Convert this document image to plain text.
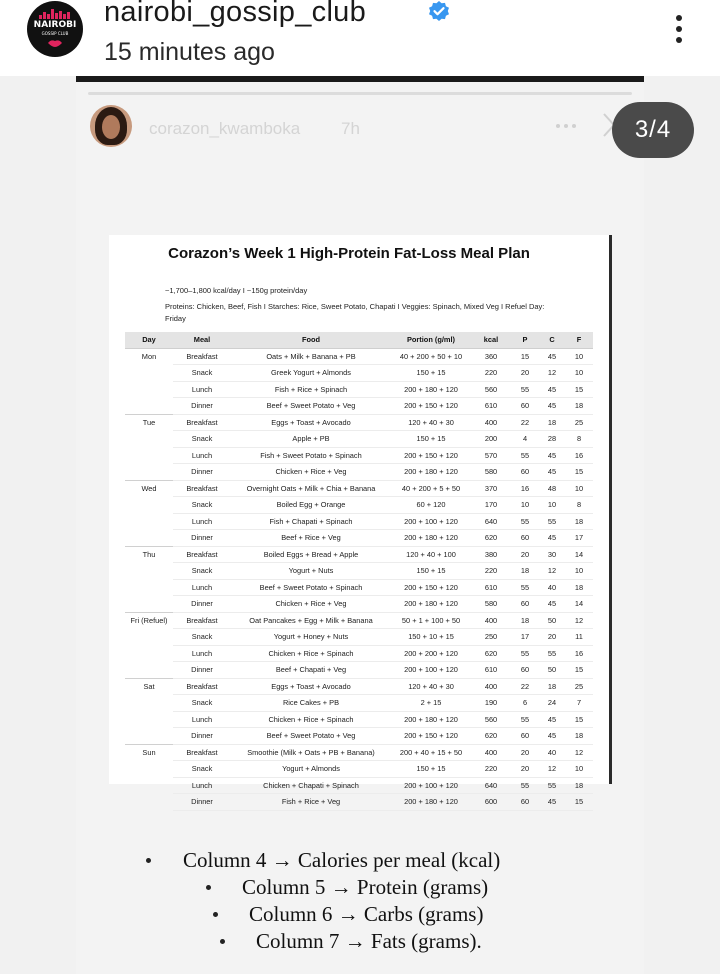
NAIROBI
GOSSIP CLUB
nairobi_gossip_club
15 minutes ago
corazon_kwamboka 7h	3/4
Corazon’s Week 1 High-Protein Fat-Loss Meal Plan
~1,700–1,800 kcal/day I ~150g protein/day
Proteins: Chicken, Beef, Fish I Starches: Rice, Sweet Potato, Chapati I Veggies: Spinach, Mixed Veg I Refuel Day: Friday
Day	Meal	Food	Portion (g/ml)	kcal	P	C	F
Mon	Breakfast	Oats + Milk + Banana + PB	40 + 200 + 50 + 10	360	15	45	10
	Snack	Greek Yogurt + Almonds	150 + 15	220	20	12	10
	Lunch	Fish + Rice + Spinach	200 + 180 + 120	560	55	45	15
	Dinner	Beef + Sweet Potato + Veg	200 + 150 + 120	610	60	45	18
Tue	Breakfast	Eggs + Toast + Avocado	120 + 40 + 30	400	22	18	25
	Snack	Apple + PB	150 + 15	200	4	28	8
	Lunch	Fish + Sweet Potato + Spinach	200 + 150 + 120	570	55	45	16
	Dinner	Chicken + Rice + Veg	200 + 180 + 120	580	60	45	15
Wed	Breakfast	Overnight Oats + Milk + Chia + Banana	40 + 200 + 5 + 50	370	16	48	10
	Snack	Boiled Egg + Orange	60 + 120	170	10	10	8
	Lunch	Fish + Chapati + Spinach	200 + 100 + 120	640	55	55	18
	Dinner	Beef + Rice + Veg	200 + 180 + 120	620	60	45	17
Thu	Breakfast	Boiled Eggs + Bread + Apple	120 + 40 + 100	380	20	30	14
	Snack	Yogurt + Nuts	150 + 15	220	18	12	10
	Lunch	Beef + Sweet Potato + Spinach	200 + 150 + 120	610	55	40	18
	Dinner	Chicken + Rice + Veg	200 + 180 + 120	580	60	45	14
Fri (Refuel)	Breakfast	Oat Pancakes + Egg + Milk + Banana	50 + 1 + 100 + 50	400	18	50	12
	Snack	Yogurt + Honey + Nuts	150 + 10 + 15	250	17	20	11
	Lunch	Chicken + Rice + Spinach	200 + 200 + 120	620	55	55	16
	Dinner	Beef + Chapati + Veg	200 + 100 + 120	610	60	50	15
Sat	Breakfast	Eggs + Toast + Avocado	120 + 40 + 30	400	22	18	25
	Snack	Rice Cakes + PB	2 + 15	190	6	24	7
	Lunch	Chicken + Rice + Spinach	200 + 180 + 120	560	55	45	15
	Dinner	Beef + Sweet Potato + Veg	200 + 150 + 120	620	60	45	18
Sun	Breakfast	Smoothie (Milk + Oats + PB + Banana)	200 + 40 + 15 + 50	400	20	40	12
	Snack	Yogurt + Almonds	150 + 15	220	20	12	10
	Lunch	Chicken + Chapati + Spinach	200 + 100 + 120	640	55	55	18
	Dinner	Fish + Rice + Veg	200 + 180 + 120	600	60	45	15
Column 4 → Calories per meal (kcal)
Column 5 → Protein (grams)
Column 6 → Carbs (grams)
Column 7 → Fats (grams).
